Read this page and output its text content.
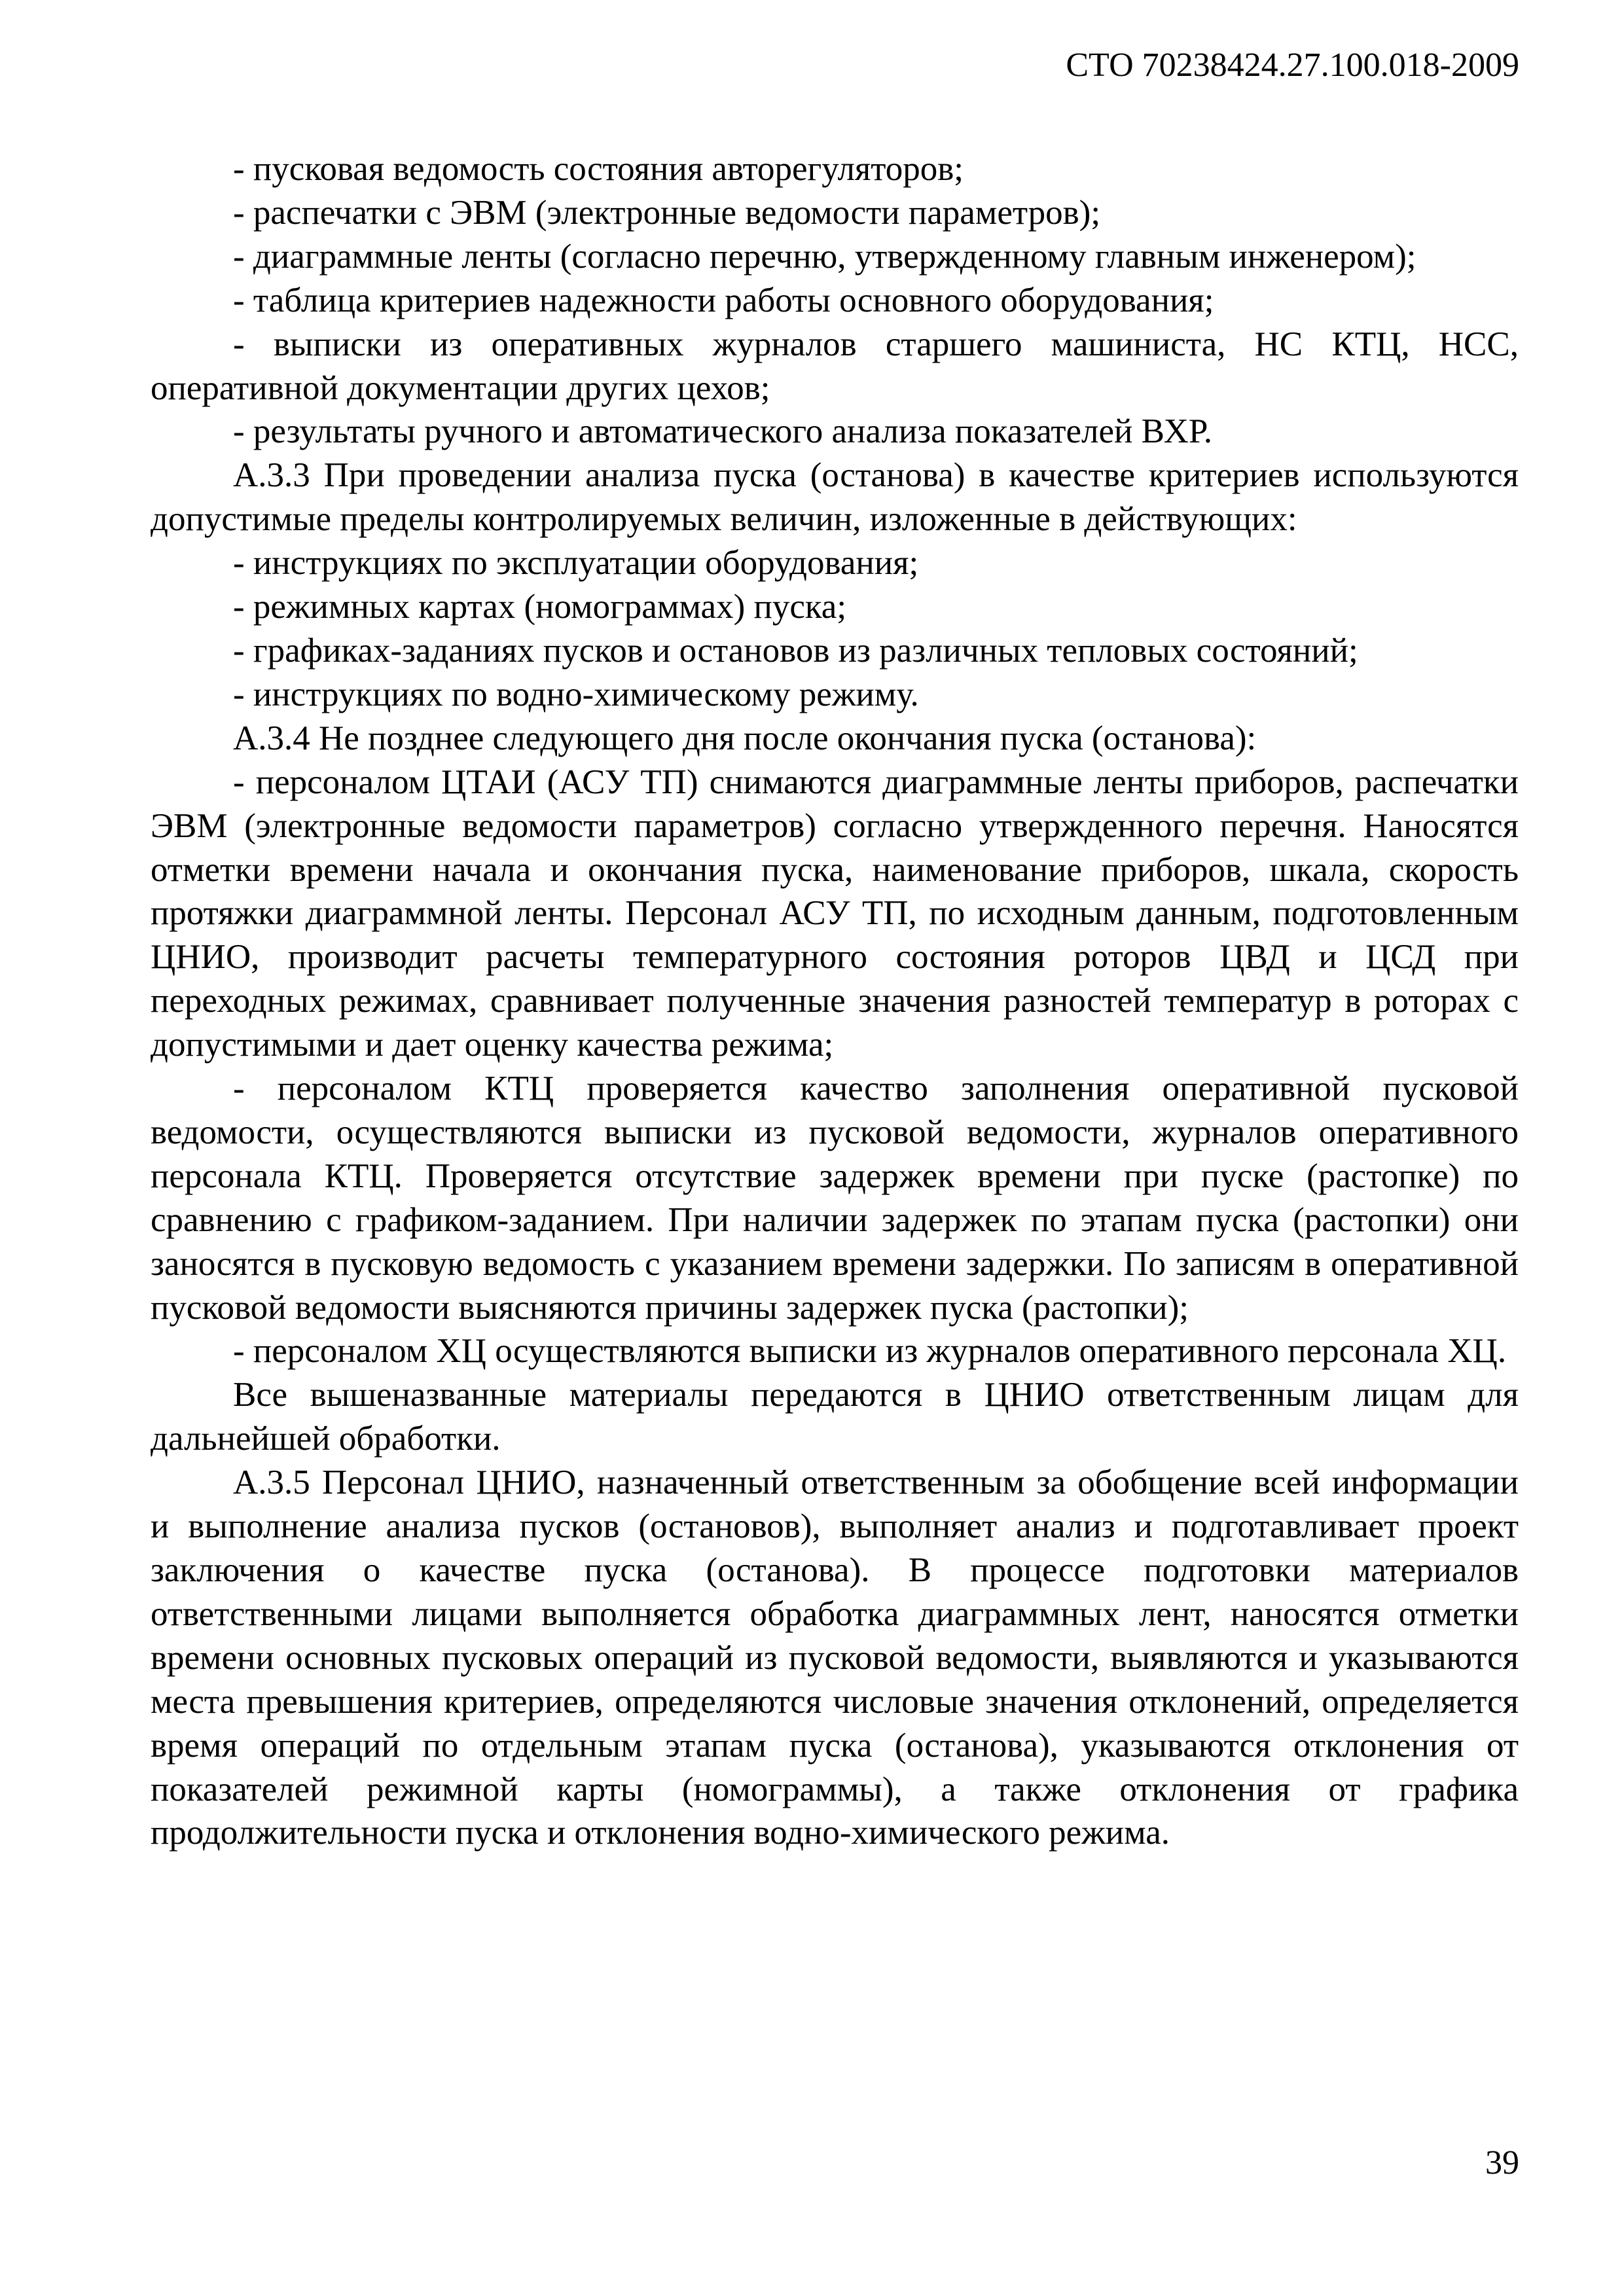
СТО 70238424.27.100.018-2009

- пусковая ведомость состояния авторегуляторов;

- распечатки с ЭВМ (электронные ведомости параметров);

- диаграммные ленты (согласно перечню, утвержденному главным инженером);

- таблица критериев надежности работы основного оборудования;

- выписки из оперативных журналов старшего машиниста, НС КТЦ, НСС, оперативной документации других цехов;

- результаты ручного и автоматического анализа показателей ВХР.

А.3.3 При проведении анализа пуска (останова) в качестве критериев используются допустимые пределы контролируемых величин, изложенные в действующих:

- инструкциях по эксплуатации оборудования;

- режимных картах (номограммах) пуска;

- графиках-заданиях пусков и остановов из различных тепловых состояний;

- инструкциях по водно-химическому режиму.

А.3.4 Не позднее следующего дня после окончания пуска (останова):

- персоналом ЦТАИ (АСУ ТП) снимаются диаграммные ленты приборов, распечатки ЭВМ (электронные ведомости параметров) согласно утвержденного перечня. Наносятся отметки времени начала и окончания пуска, наименование приборов, шкала, скорость протяжки диаграммной ленты. Персонал АСУ ТП, по исходным данным, подготовленным ЦНИО, производит расчеты температурного состояния роторов ЦВД и ЦСД при переходных режимах, сравнивает полученные значения разностей температур в роторах с допустимыми и дает оценку качества режима;

- персоналом КТЦ проверяется качество заполнения оперативной пусковой ведомости, осуществляются выписки из пусковой ведомости, журналов оперативного персонала КТЦ. Проверяется отсутствие задержек времени при пуске (растопке) по сравнению с графиком-заданием. При наличии задержек по этапам пуска (растопки) они заносятся в пусковую ведомость с указанием времени задержки. По записям в оперативной пусковой ведомости выясняются причины задержек пуска (растопки);

- персоналом ХЦ осуществляются выписки из журналов оперативного персонала ХЦ.

Все вышеназванные материалы передаются в ЦНИО ответственным лицам для дальнейшей обработки.

А.3.5 Персонал ЦНИО, назначенный ответственным за обобщение всей информации и выполнение анализа пусков (остановов), выполняет анализ и подготавливает проект заключения о качестве пуска (останова). В процессе подготовки материалов ответственными лицами выполняется обработка диаграммных лент, наносятся отметки времени основных пусковых операций из пусковой ведомости, выявляются и указываются места превышения критериев, определяются числовые значения отклонений, определяется время операций по отдельным этапам пуска (останова), указываются отклонения от показателей режимной карты (номограммы), а также отклонения от графика продолжительности пуска и отклонения водно-химического режима.

39
